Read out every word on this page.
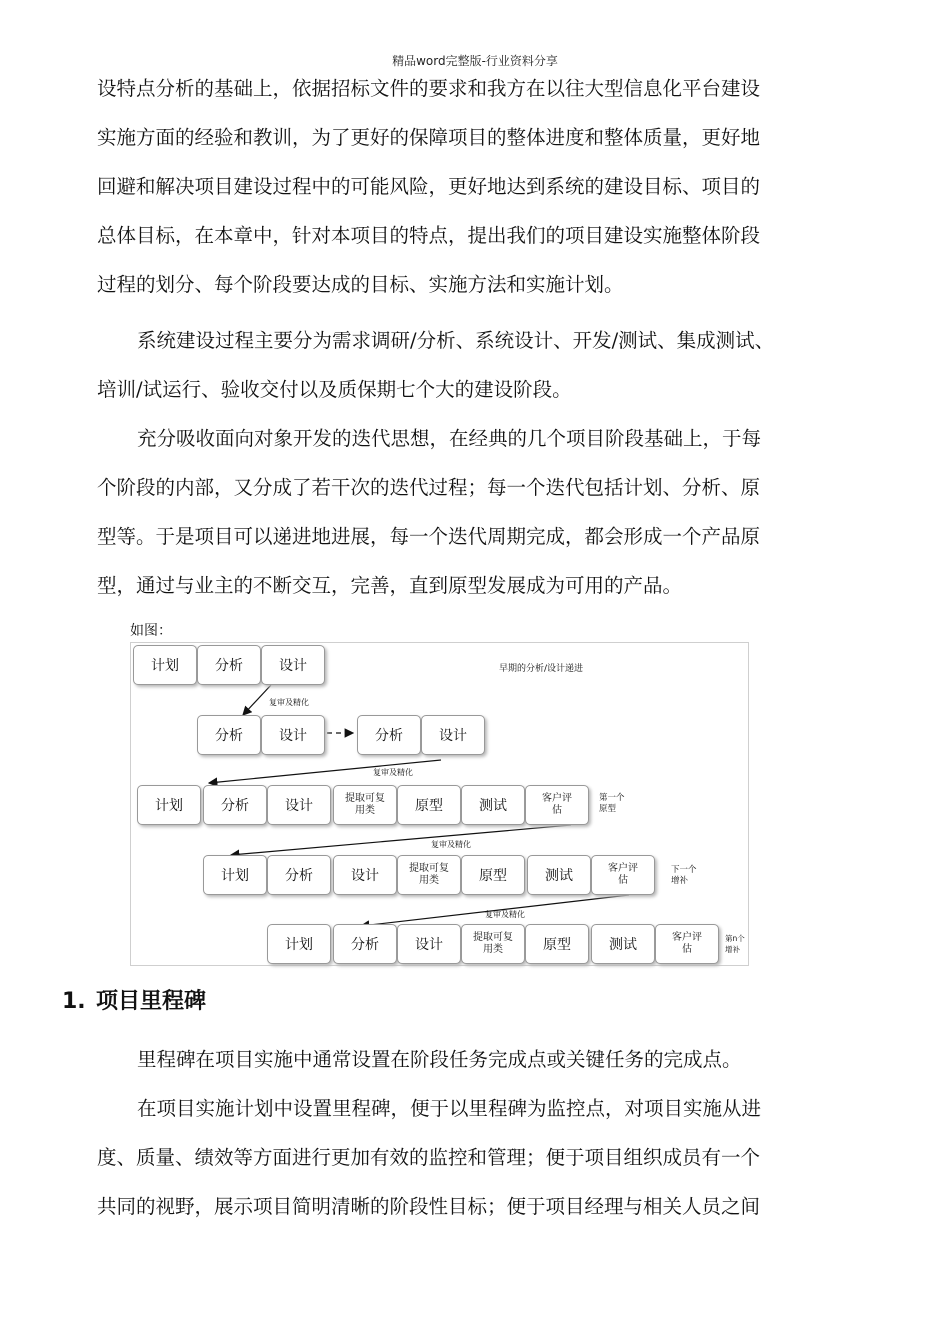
精品word完整版-行业资料分享
设特点分析的基础上，依据招标文件的要求和我方在以往大型信息化平台建设
实施方面的经验和教训，为了更好的保障项目的整体进度和整体质量，更好地
回避和解决项目建设过程中的可能风险，更好地达到系统的建设目标、项目的
总体目标，在本章中，针对本项目的特点，提出我们的项目建设实施整体阶段
过程的划分、每个阶段要达成的目标、实施方法和实施计划。
系统建设过程主要分为需求调研/分析、系统设计、开发/测试、集成测试、
培训/试运行、验收交付以及质保期七个大的建设阶段。
充分吸收面向对象开发的迭代思想，在经典的几个项目阶段基础上，于每
个阶段的内部，又分成了若干次的迭代过程；每一个迭代包括计划、分析、原
型等。于是项目可以递进地进展，每一个迭代周期完成，都会形成一个产品原
型，通过与业主的不断交互，完善，直到原型发展成为可用的产品。
如图：
早期的分析/设计递进
计划	分析	设计
复审及精化
分析	设计	分析	设计
复审及精化
计划	分析	设计	提取可复用类	原型	测试	客户评估
第一个原型
复审及精化
计划	分析	设计	提取可复用类	原型	测试	客户评估
下一个增补
复审及精化
计划	分析	设计	提取可复用类	原型	测试	客户评估
第n个增补
1. 项目里程碑
里程碑在项目实施中通常设置在阶段任务完成点或关键任务的完成点。
在项目实施计划中设置里程碑，便于以里程碑为监控点，对项目实施从进
度、质量、绩效等方面进行更加有效的监控和管理；便于项目组织成员有一个
共同的视野，展示项目简明清晰的阶段性目标；便于项目经理与相关人员之间
